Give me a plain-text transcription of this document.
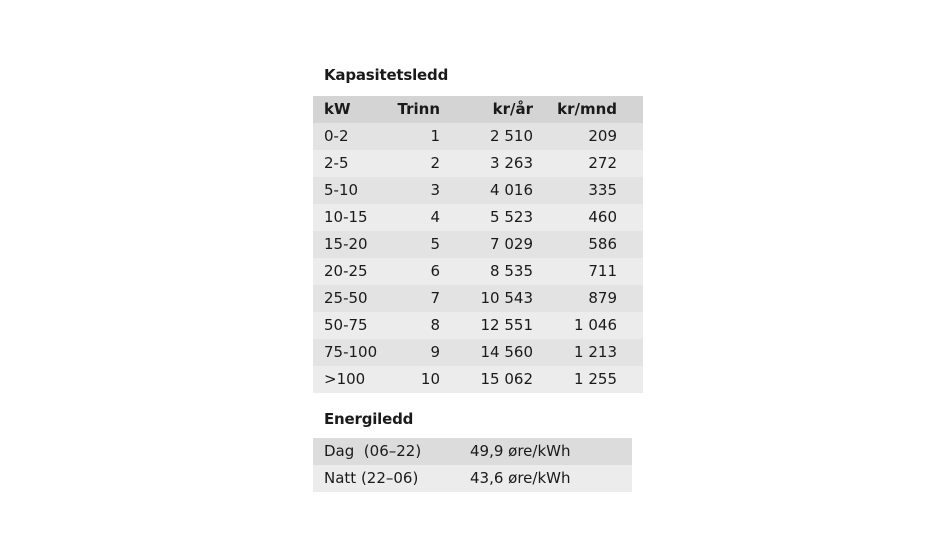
Kapasitetsledd
kW	Trinn	kr/år	kr/mnd	
0-2	1	2 510	209	
2-5	2	3 263	272	
5-10	3	4 016	335	
10-15	4	5 523	460	
15-20	5	7 029	586	
20-25	6	8 535	711	
25-50	7	10 543	879	
50-75	8	12 551	1 046	
75-100	9	14 560	1 213	
>100	10	15 062	1 255	
Energiledd
Dag  (06–22)	49,9 øre/kWh
Natt (22–06)	43,6 øre/kWh
